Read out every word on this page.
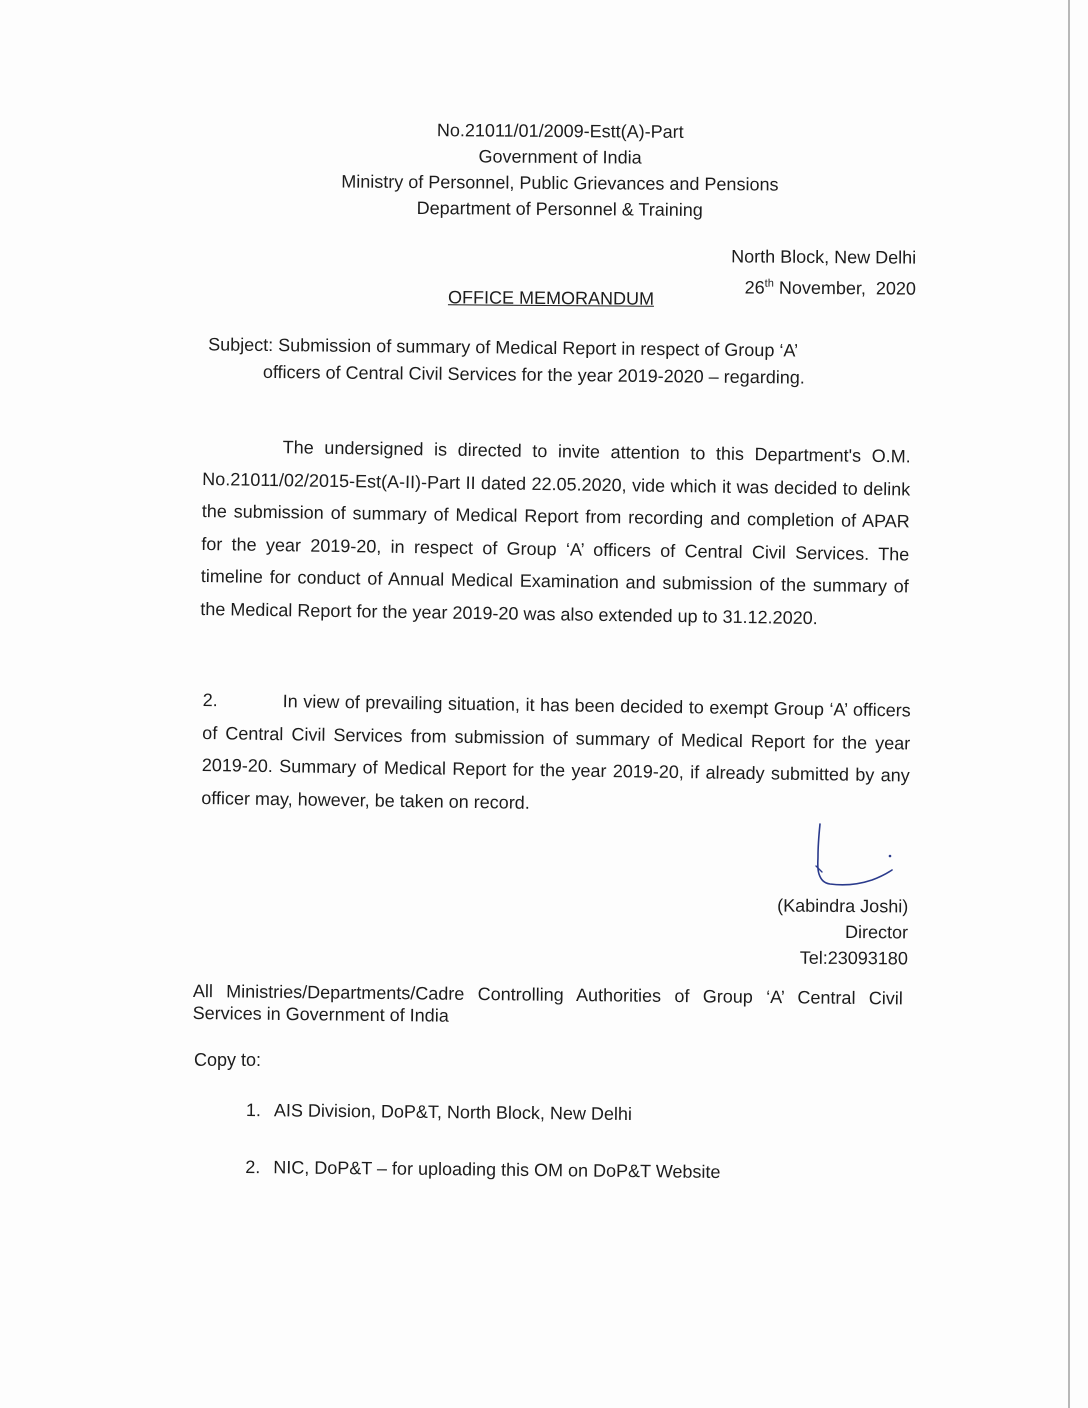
No.21011/01/2009-Estt(A)-Part
Government of India
Ministry of Personnel, Public Grievances and Pensions
Department of Personnel & Training
North Block, New Delhi
26th November,  2020
OFFICE MEMORANDUM
Subject: Submission of summary of Medical Report in respect of Group ‘A’
officers of Central Civil Services for the year 2019-2020 – regarding.
The undersigned is directed to invite attention to this Department's O.M. No.21011/02/2015-Est(A-II)-Part II dated 22.05.2020, vide which it was decided to delink the submission of summary of Medical Report from recording and completion of APAR for the year 2019-20, in respect of Group ‘A’ officers of Central Civil Services. The timeline for conduct of Annual Medical Examination and submission of the summary of the Medical Report for the year 2019-20 was also extended up to 31.12.2020.
2.	In view of prevailing situation, it has been decided to exempt Group ‘A’ officers of Central Civil Services from submission of summary of Medical Report for the year 2019-20. Summary of Medical Report for the year 2019-20, if already submitted by any officer may, however, be taken on record.
(Kabindra Joshi)
Director
Tel:23093180
All Ministries/Departments/Cadre Controlling Authorities of Group ‘A’ Central Civil Services in Government of India
Copy to:
1. AIS Division, DoP&T, North Block, New Delhi
2. NIC, DoP&T – for uploading this OM on DoP&T Website
